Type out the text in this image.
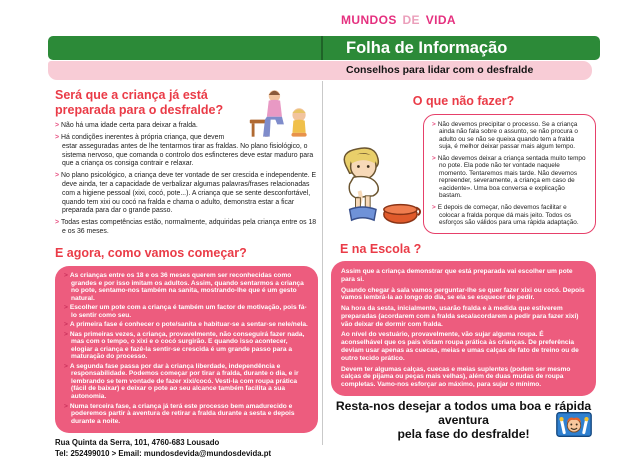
MUNDOS DE VIDA
Folha de Informação
Conselhos para lidar com o desfralde
Será que a criança já está preparada para o desfralde?

> Não há uma idade certa para deixar a fralda.

> Há condições inerentes à própria criança, que devem estar asseguradas antes de lhe tentarmos tirar as fraldas. No plano fisiológico, o sistema nervoso, que comanda o controlo dos esfincteres deve estar maduro para que a criança os consiga contrair e relaxar.

> No plano psicológico, a criança deve ter vontade de ser crescida e independente. E deve ainda, ter a capacidade de verbalizar algumas palavras/frases relacionadas com a higiene pessoal (xixi, cocó, pote...). A criança que se sente desconfortável, quando tem xixi ou cocó na fralda e chama o adulto, demonstra estar a ficar preparada para dar o grande passo.

> Todas estas competências estão, normalmente, adquiridas pela criança entre os 18 e os 36 meses.

E agora, como vamos começar?

> As crianças entre os 18 e os 36 meses querem ser reconhecidas como grandes e por isso imitam os adultos. Assim, quando sentarmos a criança no pote, sentamo-nos também na sanita, mostrando-lhe que é um gesto natural.

> Escolher um pote com a criança é também um factor de motivação, pois fá-lo sentir como seu.

> A primeira fase é conhecer o pote/sanita e habituar-se a sentar-se nele/nela.

> Nas primeiras vezes, a criança, provavelmente, não conseguirá fazer nada, mas com o tempo, o xixi e o cocó surgirão. E quando isso acontecer, elogiar a criança e fazê-la sentir-se crescida é um grande passo para a maturação do processo.

> A segunda fase passa por dar à criança liberdade, independência e responsabilidade. Podemos começar por tirar a fralda, durante o dia, e ir lembrando se tem vontade de fazer xixi/cocó. Vesti-la com roupa prática (fácil de baixar) e deixar o pote ao seu alcance também facilita a sua autonomia.

> Numa terceira fase, a criança já terá este processo bem amadurecido e poderemos partir à aventura de retirar a fralda durante a sesta e depois durante a noite.

Rua Quinta da Serra, 101, 4760-683 Lousado
Tel: 252499010 > Email: mundosdevida@mundosdevida.pt
O que não fazer?

> Não devemos precipitar o processo. Se a criança ainda não fala sobre o assunto, se não procura o adulto ou se não se queixa quando tem a fralda suja, é melhor deixar passar mais algum tempo.

> Não devemos deixar a criança sentada muito tempo no pote. Ela pode não ter vontade naquele momento. Tentaremos mais tarde. Não devemos repreender, severamente, a criança em caso de «acidente». Uma boa conversa e explicação bastam.

> E depois de começar, não devemos facilitar e colocar a fralda porque dá mais jeito. Todos os esforços são válidos para uma rápida adaptação.

E na Escola ?

Assim que a criança demonstrar que está preparada vai escolher um pote para si.

Quando chegar à sala vamos perguntar-lhe se quer fazer xixi ou cocó. Depois vamos lembrá-la ao longo do dia, se ela se esquecer de pedir.

Na hora da sesta, inicialmente, usarão fralda e à medida que estiverem preparadas (acordarem com a fralda seca/acordarem a pedir para fazer xixi) vão deixar de dormir com fralda.

Ao nível do vestuário, provavelmente, vão sujar alguma roupa. É aconselhável que os pais vistam roupa prática às crianças. De preferência deviam usar apenas as cuecas, meias e umas calças de fato de treino ou de outro tecido prático.

Devem ter algumas calças, cuecas e meias suplentes (podem ser mesmo calças de pijama ou peças mais velhas), além de duas mudas de roupa completas. Vamo-nos esforçar ao máximo, para sujar o mínimo.

Resta-nos desejar a todos uma boa e rápida aventura
pela fase do desfralde!
